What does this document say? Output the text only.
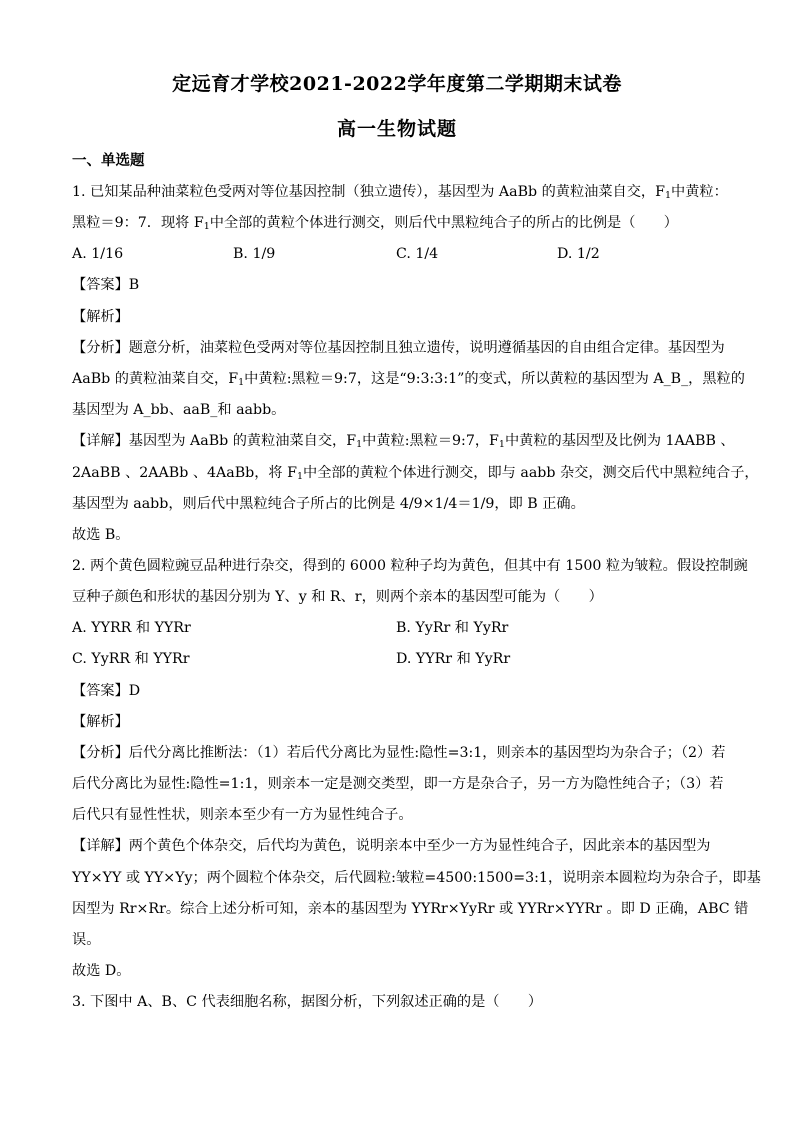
定远育才学校2021-2022学年度第二学期期末试卷
高一生物试题
一、单选题
1. 已知某品种油菜粒色受两对等位基因控制（独立遗传），基因型为 AaBb 的黄粒油菜自交，$F_1$中黄粒：
黑粒＝9：7．现将 $F_1$中全部的黄粒个体进行测交，则后代中黑粒纯合子的所占的比例是（　　）
A. 1/16	B. 1/9	C. 1/4	D. 1/2
【答案】B
【解析】
【分析】题意分析，油菜粒色受两对等位基因控制且独立遗传，说明遵循基因的自由组合定律。基因型为
AaBb 的黄粒油菜自交，$F_1$中黄粒:黑粒＝9:7，这是“9:3:3:1”的变式，所以黄粒的基因型为 A_B_，黑粒的
基因型为 A_bb、aaB_和 aabb。
【详解】基因型为 AaBb 的黄粒油菜自交，$F_1$中黄粒:黑粒＝9:7，$F_1$中黄粒的基因型及比例为 1AABB 、
2AaBB 、2AABb 、4AaBb，将 $F_1$中全部的黄粒个体进行测交，即与 aabb 杂交，测交后代中黑粒纯合子，
基因型为 aabb，则后代中黑粒纯合子所占的比例是 4/9×1/4＝1/9，即 B 正确。
故选 B。
2. 两个黄色圆粒豌豆品种进行杂交，得到的 6000 粒种子均为黄色，但其中有 1500 粒为皱粒。假设控制豌
豆种子颜色和形状的基因分别为 Y、y 和 R、r，则两个亲本的基因型可能为（　　）
A. YYRR 和 YYRr	B. YyRr 和 YyRr
C. YyRR 和 YYRr	D. YYRr 和 YyRr
【答案】D
【解析】
【分析】后代分离比推断法：（1）若后代分离比为显性:隐性=3:1，则亲本的基因型均为杂合子；（2）若
后代分离比为显性:隐性=1:1，则亲本一定是测交类型，即一方是杂合子，另一方为隐性纯合子；（3）若
后代只有显性性状，则亲本至少有一方为显性纯合子。
【详解】两个黄色个体杂交，后代均为黄色，说明亲本中至少一方为显性纯合子，因此亲本的基因型为
YY×YY 或 YY×Yy；两个圆粒个体杂交，后代圆粒:皱粒=4500:1500=3:1，说明亲本圆粒均为杂合子，即基
因型为 Rr×Rr。综合上述分析可知，亲本的基因型为 YYRr×YyRr 或 YYRr×YYRr 。即 D 正确，ABC 错
误。
故选 D。
3. 下图中 A、B、C 代表细胞名称，据图分析，下列叙述正确的是（　　）
